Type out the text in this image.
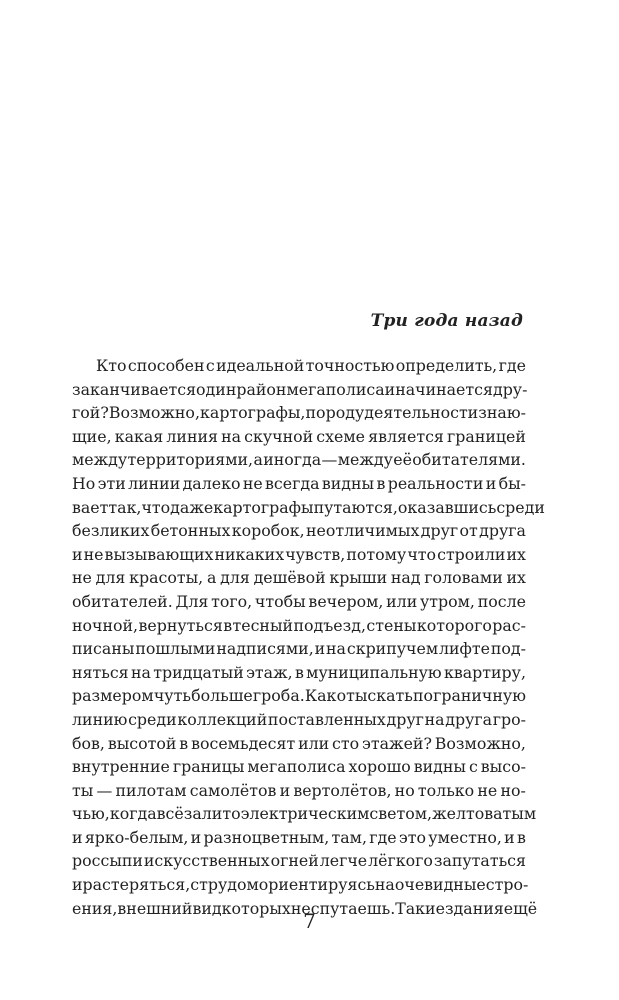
Три года назад

Кто способен с идеальной точностью определить, где
заканчивается один район мегаполиса и начинается дру-
гой? Возможно, картографы, по роду деятельности знаю-
щие, какая линия на скучной схеме является границей
между территориями, а иногда — между её обитателями.
Но эти линии далеко не всегда видны в реальности и бы-
вает так, что даже картографы путаются, оказавшись среди
безликих бетонных коробок, неотличимых друг от друга
и не вызывающих никаких чувств, потому что строили их
не для красоты, а для дешёвой крыши над головами их
обитателей. Для того, чтобы вечером, или утром, после
ночной, вернуться в тесный подъезд, стены которого рас-
писаны пошлыми надписями, и на скрипучем лифте под-
няться на тридцатый этаж, в муниципальную квартиру,
размером чуть больше гроба. Как отыскать пограничную
линию среди коллекций поставленных друг на друга гро-
бов, высотой в восемьдесят или сто этажей? Возможно,
внутренние границы мегаполиса хорошо видны с высо-
ты — пилотам самолётов и вертолётов, но только не но-
чью, когда всё залито электрическим светом, желтоватым
и ярко-белым, и разноцветным, там, где это уместно, и в
россыпи искусственных огней легче лёгкого запутаться
и растеряться, с трудом ориентируясь на очевидные стро-
ения, внешний вид которых не спутаешь. Такие здания ещё

7
